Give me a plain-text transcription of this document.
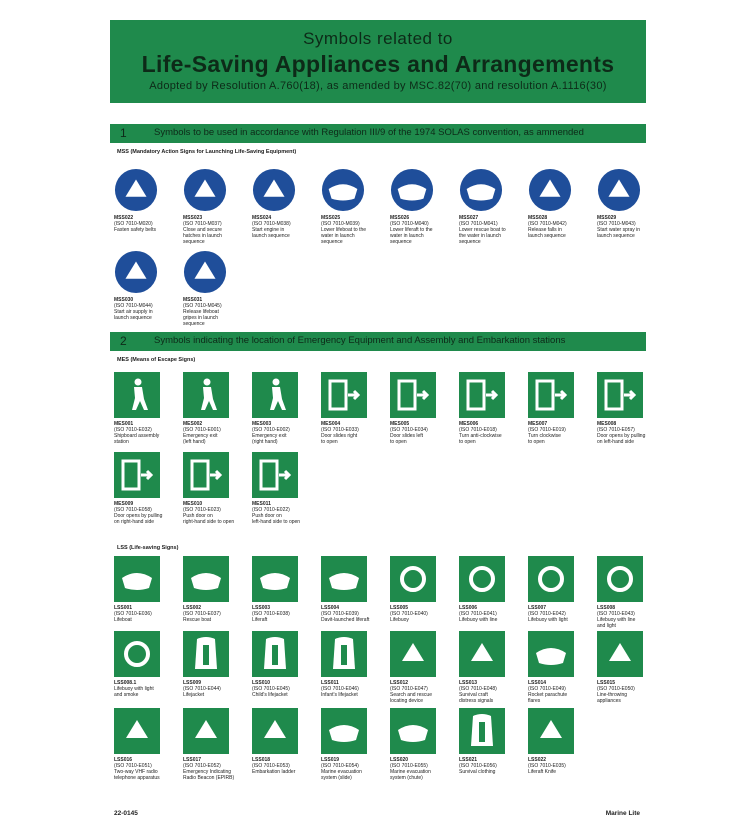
Symbols related to
Life-Saving Appliances and Arrangements
Adopted by Resolution A.760(18), as amended by MSC.82(70) and resolution A.1116(30)
1	Symbols to be used in accordance with Regulation III/9 of the 1974 SOLAS convention, as ammended
MSS (Mandatory Action Signs for Launching Life-Saving Equipment)
2	Symbols indicating the location of Emergency Equipment and Assembly and Embarkation stations
MES (Means of Escape Signs)
LSS (Life-saving Signs)
MSS022
(ISO 7010-M020)
Fasten safety belts
MSS023
(ISO 7010-M037)
Close and secure
hatches in launch
sequence
MSS024
(ISO 7010-M038)
Start engine in
launch sequence
MSS025
(ISO 7010-M039)
Lower lifeboat to the
water in launch
sequence
MSS026
(ISO 7010-M040)
Lower liferaft to the
water in launch
sequence
MSS027
(ISO 7010-M041)
Lower rescue boat to
the water in launch
sequence
MSS028
(ISO 7010-M042)
Release falls in
launch sequence
MSS029
(ISO 7010-M043)
Start water spray in
launch sequence
MSS030
(ISO 7010-M044)
Start air supply in
launch sequence
MSS031
(ISO 7010-M045)
Release lifeboat
gripes in launch
sequence
MES001
(ISO 7010-E032)
Shipboard assembly
station
MES002
(ISO 7010-E001)
Emergency exit
(left hand)
MES003
(ISO 7010-E002)
Emergency exit
(right hand)
MES004
(ISO 7010-E033)
Door slides right
to open
MES005
(ISO 7010-E034)
Door slides left
to open
MES006
(ISO 7010-E018)
Turn anti-clockwise
to open
MES007
(ISO 7010-E019)
Turn clockwise
to open
MES008
(ISO 7010-E057)
Door opens by pulling
on left-hand side
MES009
(ISO 7010-E058)
Door opens by pulling
on right-hand side
MES010
(ISO 7010-E023)
Push door on
right-hand side to open
MES011
(ISO 7010-E022)
Push door on
left-hand side to open
LSS001
(ISO 7010-E036)
Lifeboat
LSS002
(ISO 7010-E037)
Rescue boat
LSS003
(ISO 7010-E038)
Liferaft
LSS004
(ISO 7010-E039)
Davit-launched liferaft
LSS005
(ISO 7010-E040)
Lifebuoy
LSS006
(ISO 7010-E041)
Lifebuoy with line
LSS007
(ISO 7010-E042)
Lifebuoy with light
LSS008
(ISO 7010-E043)
Lifebuoy with line
and light
LSS008.1
Lifebuoy with light
and smoke
LSS009
(ISO 7010-E044)
Lifejacket
LSS010
(ISO 7010-E045)
Child's lifejacket
LSS011
(ISO 7010-E046)
Infant's lifejacket
LSS012
(ISO 7010-E047)
Search and rescue
locating device
LSS013
(ISO 7010-E048)
Survival craft
distress signals
LSS014
(ISO 7010-E049)
Rocket parachute
flares
LSS015
(ISO 7010-E050)
Line-throwing
appliances
LSS016
(ISO 7010-E051)
Two-way VHF radio
telephone apparatus
LSS017
(ISO 7010-E052)
Emergency Indicating
Radio Beacon (EPIRB)
LSS018
(ISO 7010-E053)
Embarkation ladder
LSS019
(ISO 7010-E054)
Marine evacuation
system (slide)
LSS020
(ISO 7010-E055)
Marine evacuation
system (chute)
LSS021
(ISO 7010-E056)
Survival clothing
LSS022
(ISO 7010-E035)
Liferaft Knife
22-0145	Marine Lite
